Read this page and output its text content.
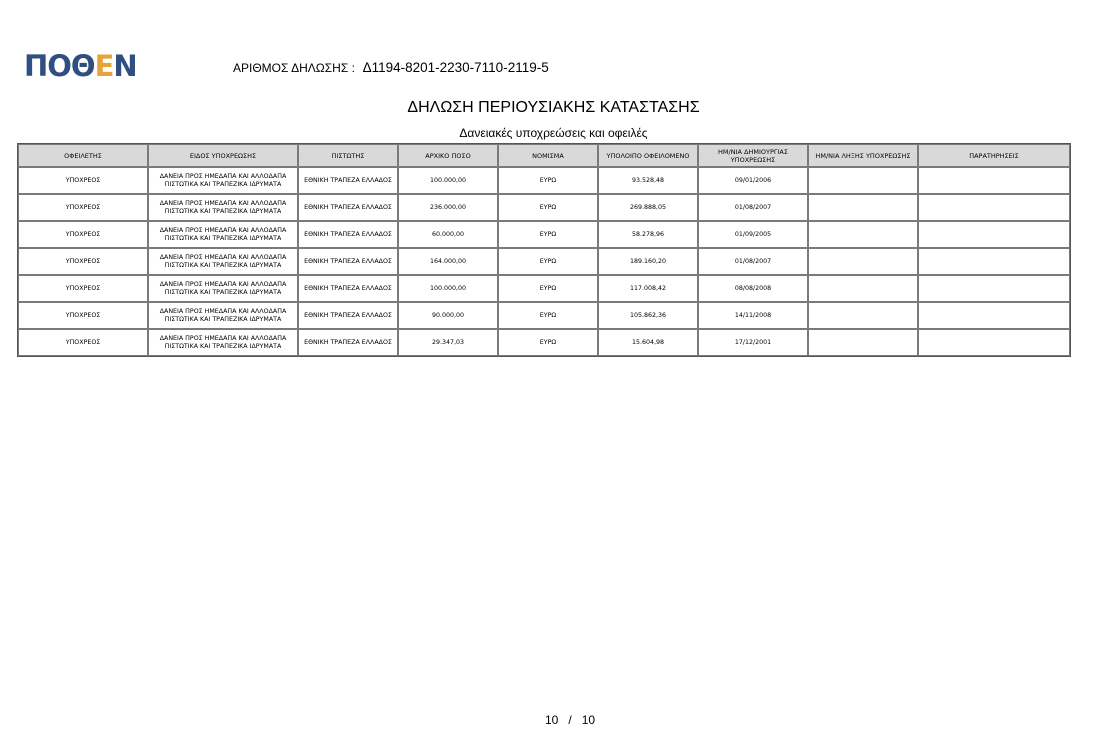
ΠΟΘΕΝ	ΑΡΙΘΜΟΣ ΔΗΛΩΣΗΣ : Δ1194-8201-2230-7110-2119-5
ΔΗΛΩΣΗ ΠΕΡΙΟΥΣΙΑΚΗΣ ΚΑΤΑΣΤΑΣΗΣ
Δανειακές υποχρεώσεις και οφειλές
ΟΦΕΙΛΕΤΗΣ	ΕΙΔΟΣ ΥΠΟΧΡΕΩΣΗΣ	ΠΙΣΤΩΤΗΣ	ΑΡΧΙΚΟ ΠΟΣΟ	ΝΟΜΙΣΜΑ	ΥΠΟΛΟΙΠΟ ΟΦΕΙΛΟΜΕΝΟ	ΗΜ/ΝΙΑ ΔΗΜΙΟΥΡΓΙΑΣ ΥΠΟΧΡΕΩΣΗΣ	ΗΜ/ΝΙΑ ΛΗΞΗΣ ΥΠΟΧΡΕΩΣΗΣ	ΠΑΡΑΤΗΡΗΣΕΙΣ
ΥΠΟΧΡΕΟΣ	ΔΑΝΕΙΑ ΠΡΟΣ ΗΜΕΔΑΠΑ ΚΑΙ ΑΛΛΟΔΑΠΑ ΠΙΣΤΩΤΙΚΑ ΚΑΙ ΤΡΑΠΕΖΙΚΑ ΙΔΡΥΜΑΤΑ	ΕΘΝΙΚΗ ΤΡΑΠΕΖΑ ΕΛΛΑΔΟΣ	100.000,00	ΕΥΡΩ	93.528,48	09/01/2006		
ΥΠΟΧΡΕΟΣ	ΔΑΝΕΙΑ ΠΡΟΣ ΗΜΕΔΑΠΑ ΚΑΙ ΑΛΛΟΔΑΠΑ ΠΙΣΤΩΤΙΚΑ ΚΑΙ ΤΡΑΠΕΖΙΚΑ ΙΔΡΥΜΑΤΑ	ΕΘΝΙΚΗ ΤΡΑΠΕΖΑ ΕΛΛΑΔΟΣ	236.000,00	ΕΥΡΩ	269.888,05	01/08/2007		
ΥΠΟΧΡΕΟΣ	ΔΑΝΕΙΑ ΠΡΟΣ ΗΜΕΔΑΠΑ ΚΑΙ ΑΛΛΟΔΑΠΑ ΠΙΣΤΩΤΙΚΑ ΚΑΙ ΤΡΑΠΕΖΙΚΑ ΙΔΡΥΜΑΤΑ	ΕΘΝΙΚΗ ΤΡΑΠΕΖΑ ΕΛΛΑΔΟΣ	60.000,00	ΕΥΡΩ	58.278,96	01/09/2005		
ΥΠΟΧΡΕΟΣ	ΔΑΝΕΙΑ ΠΡΟΣ ΗΜΕΔΑΠΑ ΚΑΙ ΑΛΛΟΔΑΠΑ ΠΙΣΤΩΤΙΚΑ ΚΑΙ ΤΡΑΠΕΖΙΚΑ ΙΔΡΥΜΑΤΑ	ΕΘΝΙΚΗ ΤΡΑΠΕΖΑ ΕΛΛΑΔΟΣ	164.000,00	ΕΥΡΩ	189.160,20	01/08/2007		
ΥΠΟΧΡΕΟΣ	ΔΑΝΕΙΑ ΠΡΟΣ ΗΜΕΔΑΠΑ ΚΑΙ ΑΛΛΟΔΑΠΑ ΠΙΣΤΩΤΙΚΑ ΚΑΙ ΤΡΑΠΕΖΙΚΑ ΙΔΡΥΜΑΤΑ	ΕΘΝΙΚΗ ΤΡΑΠΕΖΑ ΕΛΛΑΔΟΣ	100.000,00	ΕΥΡΩ	117.008,42	08/08/2008		
ΥΠΟΧΡΕΟΣ	ΔΑΝΕΙΑ ΠΡΟΣ ΗΜΕΔΑΠΑ ΚΑΙ ΑΛΛΟΔΑΠΑ ΠΙΣΤΩΤΙΚΑ ΚΑΙ ΤΡΑΠΕΖΙΚΑ ΙΔΡΥΜΑΤΑ	ΕΘΝΙΚΗ ΤΡΑΠΕΖΑ ΕΛΛΑΔΟΣ	90.000,00	ΕΥΡΩ	105.862,36	14/11/2008		
ΥΠΟΧΡΕΟΣ	ΔΑΝΕΙΑ ΠΡΟΣ ΗΜΕΔΑΠΑ ΚΑΙ ΑΛΛΟΔΑΠΑ ΠΙΣΤΩΤΙΚΑ ΚΑΙ ΤΡΑΠΕΖΙΚΑ ΙΔΡΥΜΑΤΑ	ΕΘΝΙΚΗ ΤΡΑΠΕΖΑ ΕΛΛΑΔΟΣ	29.347,03	ΕΥΡΩ	15.604,98	17/12/2001		
10 / 10
